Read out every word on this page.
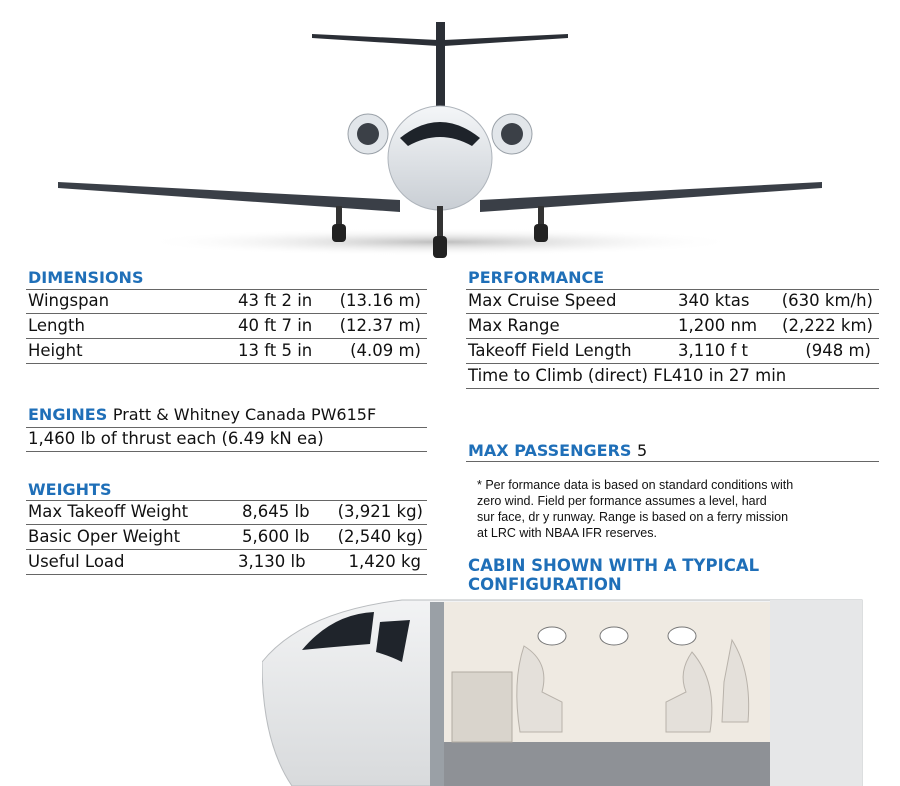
DIMENSIONS
Wingspan	43 ft 2 in (13.16 m)
Length	40 ft 7 in (12.37 m)
Height	13 ft 5 in (4.09 m)
ENGINES Pratt & Whitney Canada PW615F
1,460 lb of thrust each (6.49 kN ea)
WEIGHTS
Max Takeoff Weight	8,645 lb (3,921 kg)
Basic Oper Weight	5,600 lb (2,540 kg)
Useful Load	3,130 lb	1,420 kg
PERFORMANCE
Max Cruise Speed	340 ktas (630 km/h)
Max Range	1,200 nm (2,222 km)
Takeoff Field Length	3,110 f t	(948 m)
Time to Climb (direct) FL410 in 27 min
MAX PASSENGERS 5
* Per formance data is based on standard conditions with
zero wind. Field per formance assumes a level, hard
sur face, dr y runway. Range is based on a ferry mission
at LRC with NBAA IFR reserves.
CABIN SHOWN WITH A TYPICAL CONFIGURATION
